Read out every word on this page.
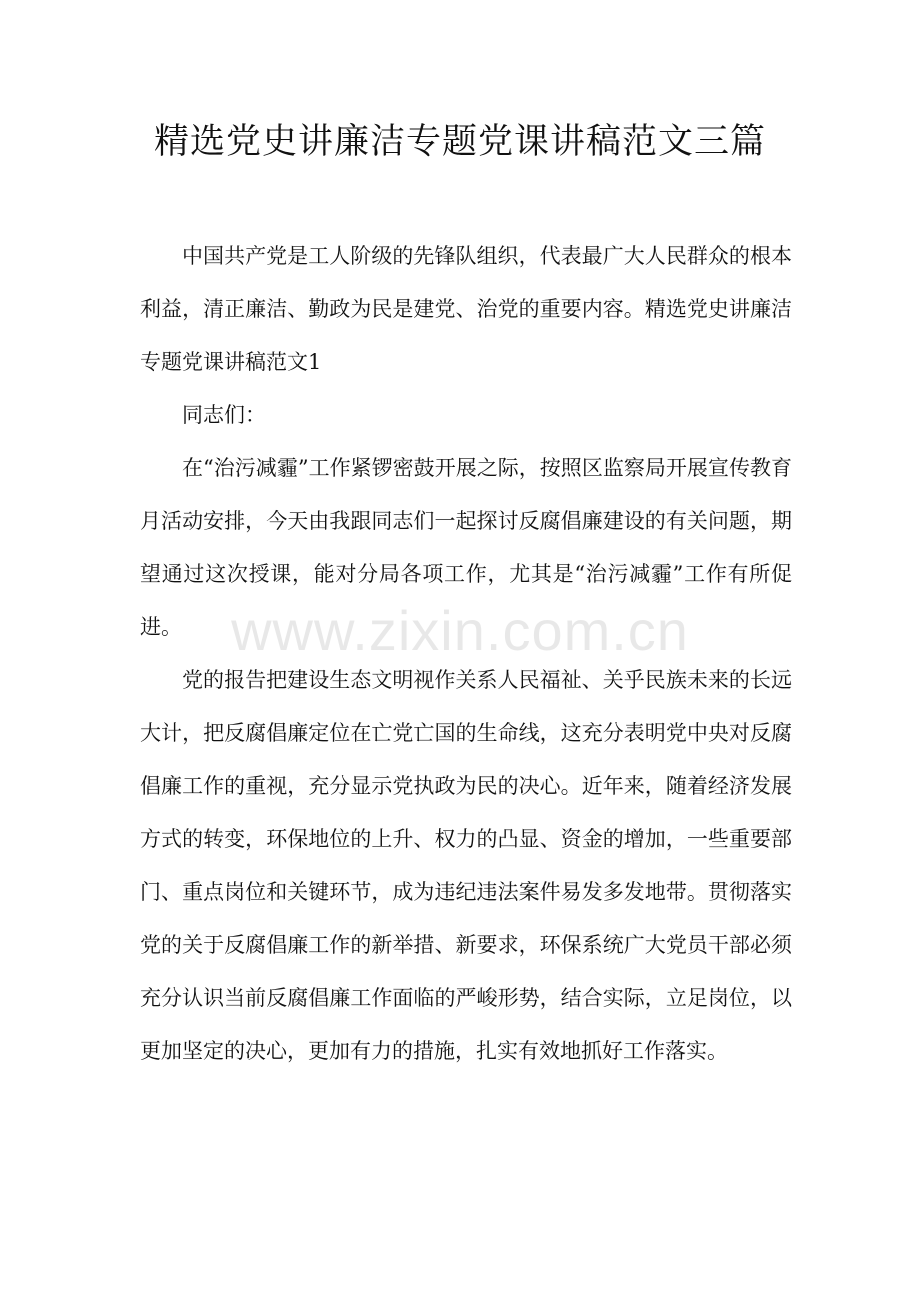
精选党史讲廉洁专题党课讲稿范文三篇

中国共产党是工人阶级的先锋队组织，代表最广大人民群众的根本利益，清正廉洁、勤政为民是建党、治党的重要内容。精选党史讲廉洁专题党课讲稿范文1

同志们：

在“治污减霾”工作紧锣密鼓开展之际，按照区监察局开展宣传教育月活动安排，今天由我跟同志们一起探讨反腐倡廉建设的有关问题，期望通过这次授课，能对分局各项工作，尤其是“治污减霾”工作有所促进。

党的报告把建设生态文明视作关系人民福祉、关乎民族未来的长远大计，把反腐倡廉定位在亡党亡国的生命线，这充分表明党中央对反腐倡廉工作的重视，充分显示党执政为民的决心。近年来，随着经济发展方式的转变，环保地位的上升、权力的凸显、资金的增加，一些重要部门、重点岗位和关键环节，成为违纪违法案件易发多发地带。贯彻落实党的关于反腐倡廉工作的新举措、新要求，环保系统广大党员干部必须充分认识当前反腐倡廉工作面临的严峻形势，结合实际，立足岗位，以更加坚定的决心，更加有力的措施，扎实有效地抓好工作落实。

www.zixin.com.cn
